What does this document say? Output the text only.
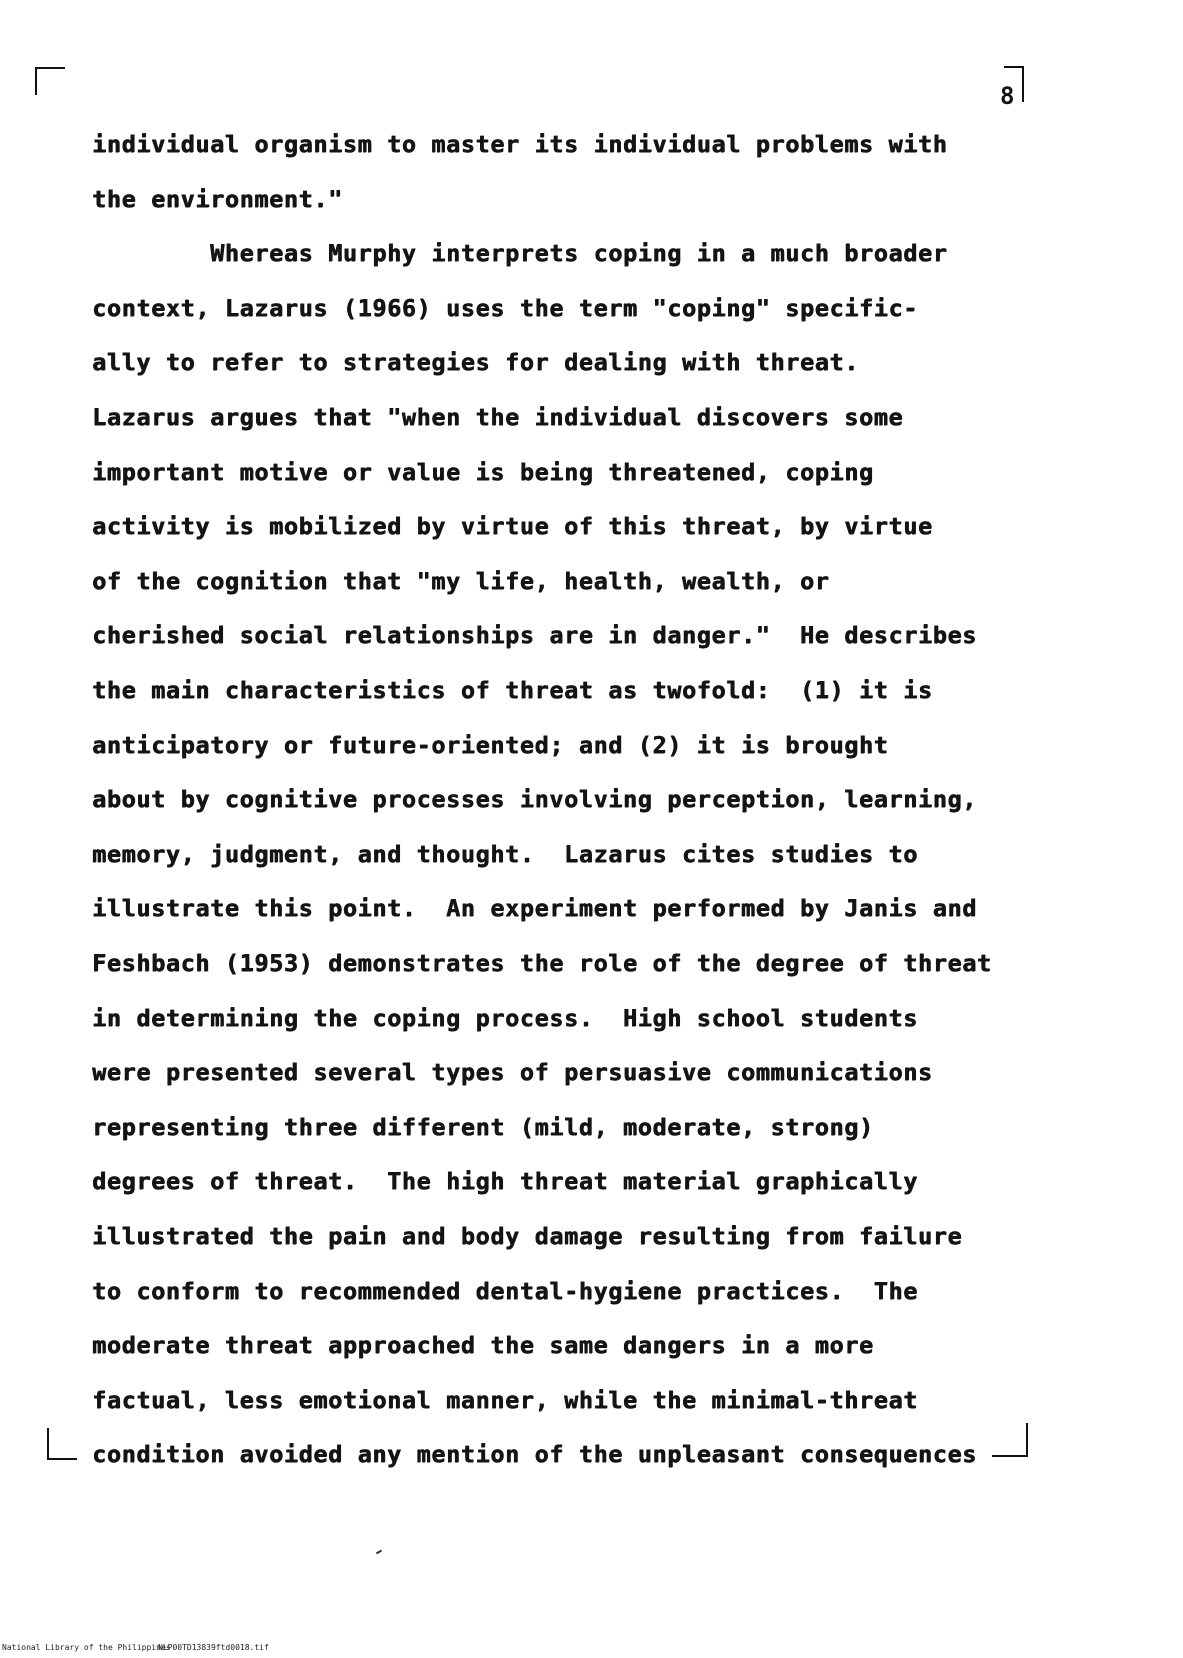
8
individual organism to master its individual problems with
the environment."
Whereas Murphy interprets coping in a much broader
context, Lazarus (1966) uses the term "coping" specific-
ally to refer to strategies for dealing with threat.
Lazarus argues that "when the individual discovers some
important motive or value is being threatened, coping
activity is mobilized by virtue of this threat, by virtue
of the cognition that "my life, health, wealth, or
cherished social relationships are in danger."  He describes
the main characteristics of threat as twofold:  (1) it is
anticipatory or future-oriented; and (2) it is brought
about by cognitive processes involving perception, learning,
memory, judgment, and thought.  Lazarus cites studies to
illustrate this point.  An experiment performed by Janis and
Feshbach (1953) demonstrates the role of the degree of threat
in determining the coping process.  High school students
were presented several types of persuasive communications
representing three different (mild, moderate, strong)
degrees of threat.  The high threat material graphically
illustrated the pain and body damage resulting from failure
to conform to recommended dental-hygiene practices.  The
moderate threat approached the same dangers in a more
factual, less emotional manner, while the minimal-threat
condition avoided any mention of the unpleasant consequences
National Library of the Philippines
NLP00TD13839ftd0018.tif
